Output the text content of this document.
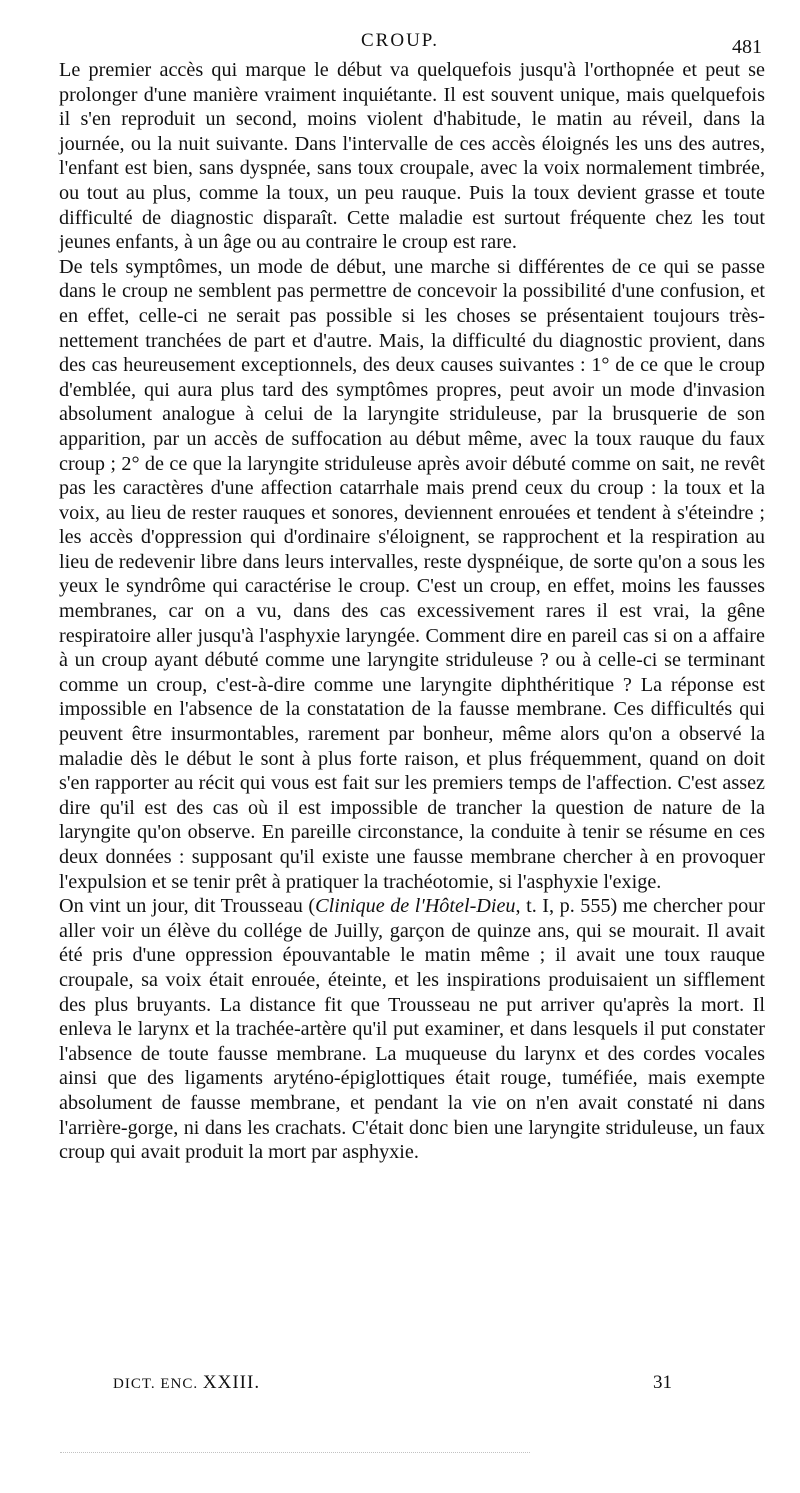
CROUP.	481

Le premier accès qui marque le début va quelquefois jusqu'à l'orthopnée et peut se prolonger d'une manière vraiment inquiétante. Il est souvent unique, mais quelquefois il s'en reproduit un second, moins violent d'habitude, le matin au réveil, dans la journée, ou la nuit suivante. Dans l'intervalle de ces accès éloignés les uns des autres, l'enfant est bien, sans dyspnée, sans toux croupale, avec la voix normalement timbrée, ou tout au plus, comme la toux, un peu rauque. Puis la toux devient grasse et toute difficulté de diagnostic disparaît. Cette maladie est surtout fréquente chez les tout jeunes enfants, à un âge ou au contraire le croup est rare.

De tels symptômes, un mode de début, une marche si différentes de ce qui se passe dans le croup ne semblent pas permettre de concevoir la possibilité d'une confusion, et en effet, celle-ci ne serait pas possible si les choses se présentaient toujours très-nettement tranchées de part et d'autre. Mais, la difficulté du diagnostic provient, dans des cas heureusement exceptionnels, des deux causes suivantes : 1° de ce que le croup d'emblée, qui aura plus tard des symptômes propres, peut avoir un mode d'invasion absolument analogue à celui de la laryngite striduleuse, par la brusquerie de son apparition, par un accès de suffocation au début même, avec la toux rauque du faux croup ; 2° de ce que la laryngite striduleuse après avoir débuté comme on sait, ne revêt pas les caractères d'une affection catarrhale mais prend ceux du croup : la toux et la voix, au lieu de rester rauques et sonores, deviennent enrouées et tendent à s'éteindre ; les accès d'oppression qui d'ordinaire s'éloignent, se rapprochent et la respiration au lieu de redevenir libre dans leurs intervalles, reste dyspnéique, de sorte qu'on a sous les yeux le syndrôme qui caractérise le croup. C'est un croup, en effet, moins les fausses membranes, car on a vu, dans des cas excessivement rares il est vrai, la gêne respiratoire aller jusqu'à l'asphyxie laryngée. Comment dire en pareil cas si on a affaire à un croup ayant débuté comme une laryngite striduleuse ? ou à celle-ci se terminant comme un croup, c'est-à-dire comme une laryngite diphthéritique ? La réponse est impossible en l'absence de la constatation de la fausse membrane. Ces difficultés qui peuvent être insurmontables, rarement par bonheur, même alors qu'on a observé la maladie dès le début le sont à plus forte raison, et plus fréquemment, quand on doit s'en rapporter au récit qui vous est fait sur les premiers temps de l'affection. C'est assez dire qu'il est des cas où il est impossible de trancher la question de nature de la laryngite qu'on observe. En pareille circonstance, la conduite à tenir se résume en ces deux données : supposant qu'il existe une fausse membrane chercher à en provoquer l'expulsion et se tenir prêt à pratiquer la trachéotomie, si l'asphyxie l'exige.

On vint un jour, dit Trousseau (Clinique de l'Hôtel-Dieu, t. I, p. 555) me chercher pour aller voir un élève du collége de Juilly, garçon de quinze ans, qui se mourait. Il avait été pris d'une oppression épouvantable le matin même ; il avait une toux rauque croupale, sa voix était enrouée, éteinte, et les inspirations produisaient un sifflement des plus bruyants. La distance fit que Trousseau ne put arriver qu'après la mort. Il enleva le larynx et la trachée-artère qu'il put examiner, et dans lesquels il put constater l'absence de toute fausse membrane. La muqueuse du larynx et des cordes vocales ainsi que des ligaments aryténo-épiglottiques était rouge, tuméfiée, mais exempte absolument de fausse membrane, et pendant la vie on n'en avait constaté ni dans l'arrière-gorge, ni dans les crachats. C'était donc bien une laryngite striduleuse, un faux croup qui avait produit la mort par asphyxie.

DICT. ENC. XXIII.	31
